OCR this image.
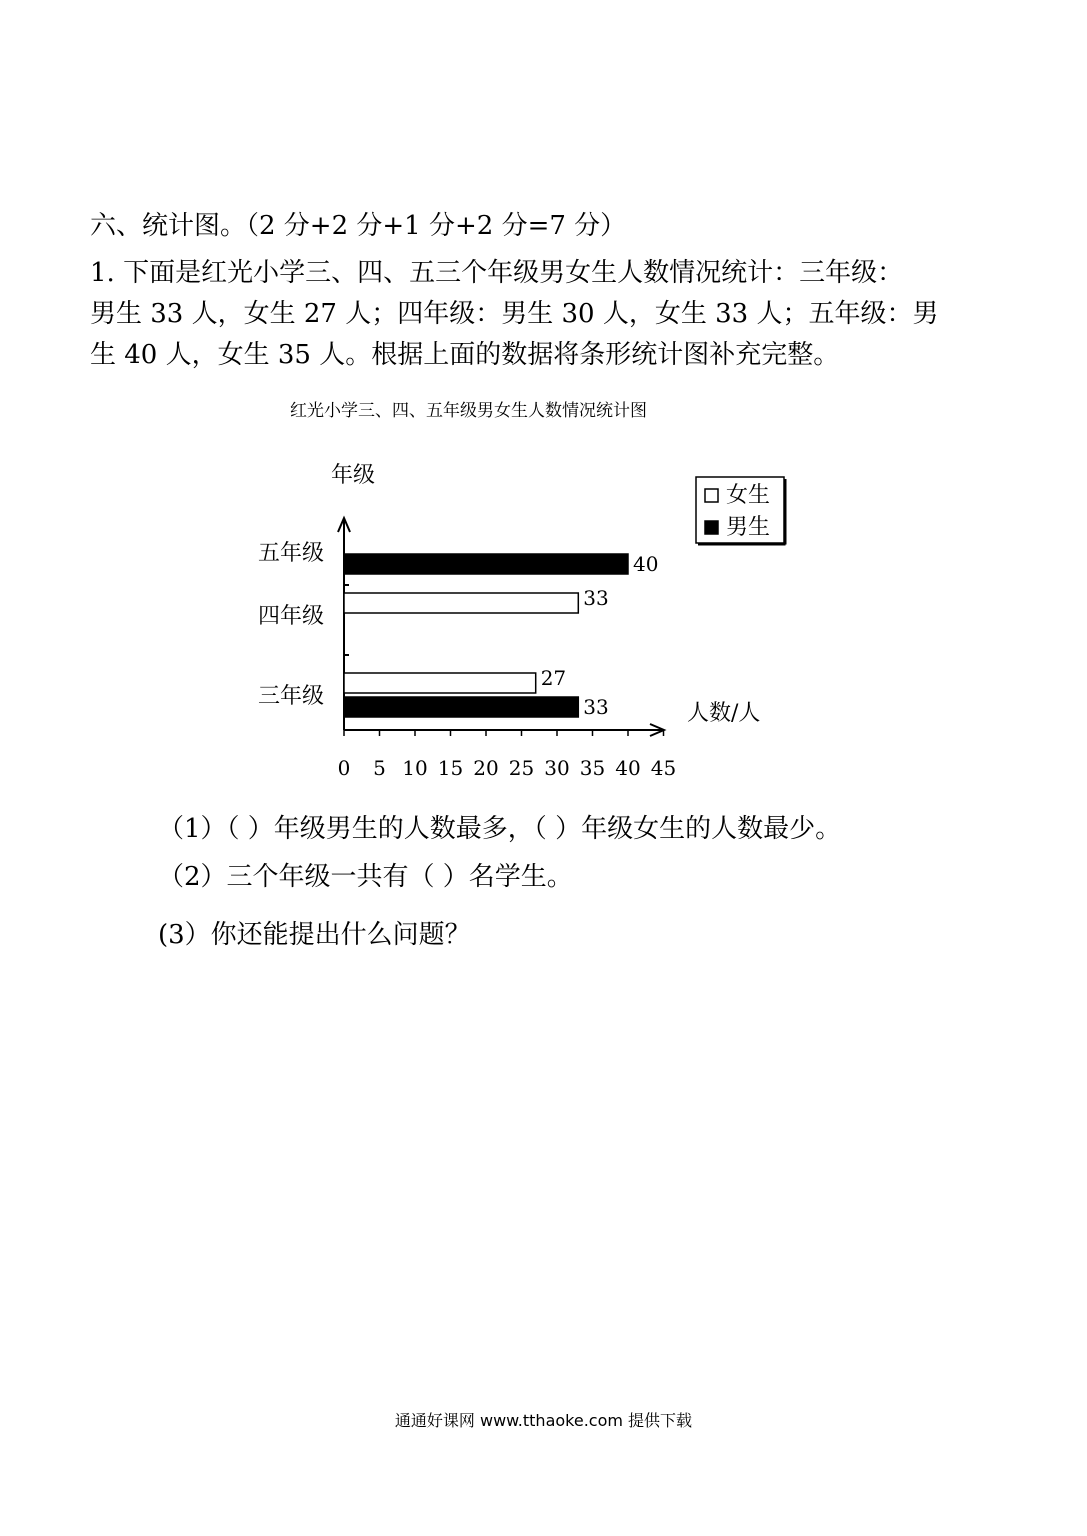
六、统计图。（2 分+2 分+1 分+2 分=7 分）
1. 下面是红光小学三、四、五三个年级男女生人数情况统计：三年级：
男生 33 人，女生 27 人；四年级：男生 30 人，女生 33 人；五年级：男
生 40 人，女生 35 人。根据上面的数据将条形统计图补充完整。
红光小学三、四、五年级男女生人数情况统计图
0 5 10 15 20 25 30 35 40 45
年级
人数/人
三年级
四年级
五年级
27
33
33
40
女生
男生
（1）（ ）年级男生的人数最多，（ ）年级女生的人数最少。
（2）三个年级一共有（ ）名学生。
(3）你还能提出什么问题？
通通好课网 www.tthaoke.com 提供下载
